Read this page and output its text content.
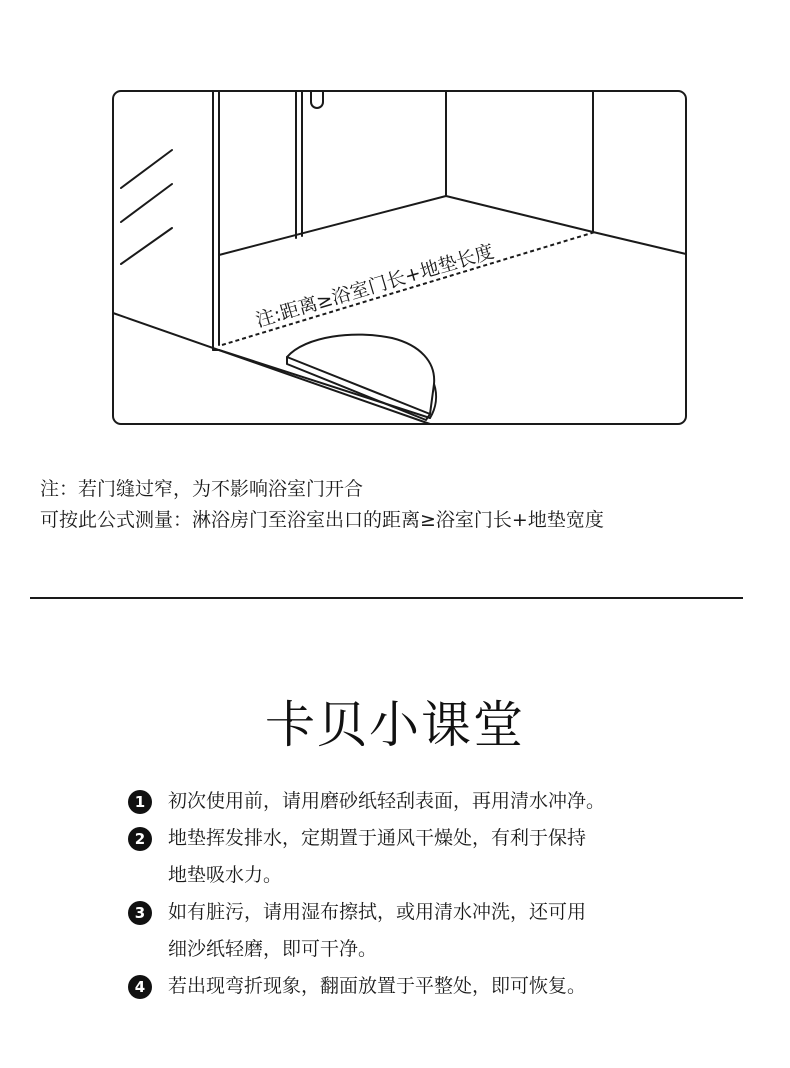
注:距离≥浴室门长+地垫长度
注：若门缝过窄，为不影响浴室门开合
可按此公式测量：淋浴房门至浴室出口的距离≥浴室门长+地垫宽度
卡贝小课堂
1	初次使用前，请用磨砂纸轻刮表面，再用清水冲净。
2	地垫挥发排水，定期置于通风干燥处，有利于保持
地垫吸水力。
3	如有脏污，请用湿布擦拭，或用清水冲洗，还可用
细沙纸轻磨，即可干净。
4	若出现弯折现象，翻面放置于平整处，即可恢复。
